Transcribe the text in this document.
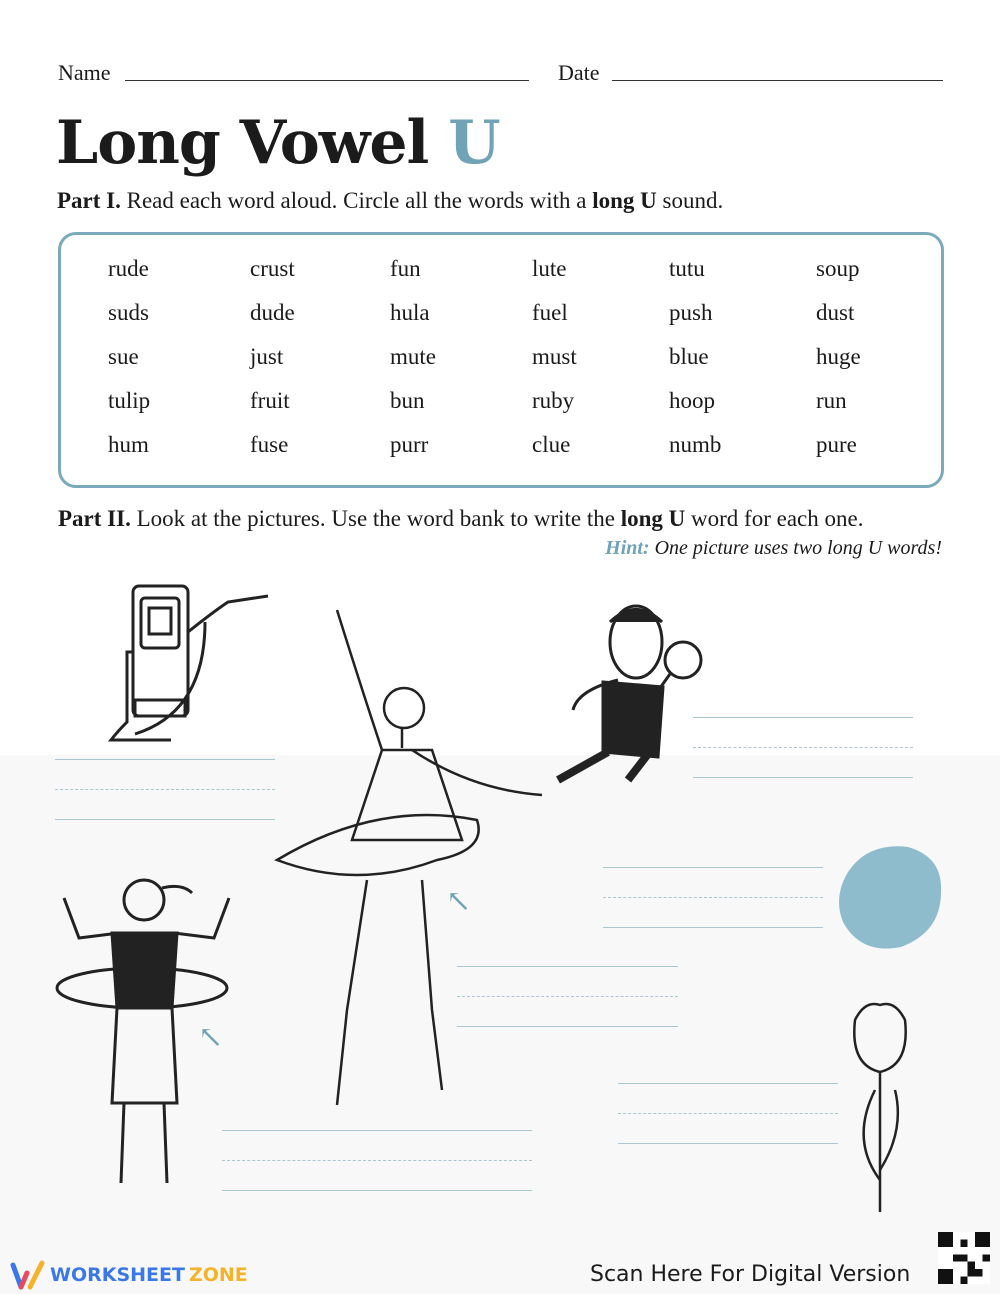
Name	Date
Long Vowel U
Part I. Read each word aloud. Circle all the words with a long U sound.
rude	crust	fun	lute	tutu	soup
suds	dude	hula	fuel	push	dust
sue	just	mute	must	blue	huge
tulip	fruit	bun	ruby	hoop	run
hum	fuse	purr	clue	numb	pure
Part II. Look at the pictures. Use the word bank to write the long U word for each one.
Hint: One picture uses two long U words!
↖
↖
WORKSHEET ZONE	Scan Here For Digital Version
